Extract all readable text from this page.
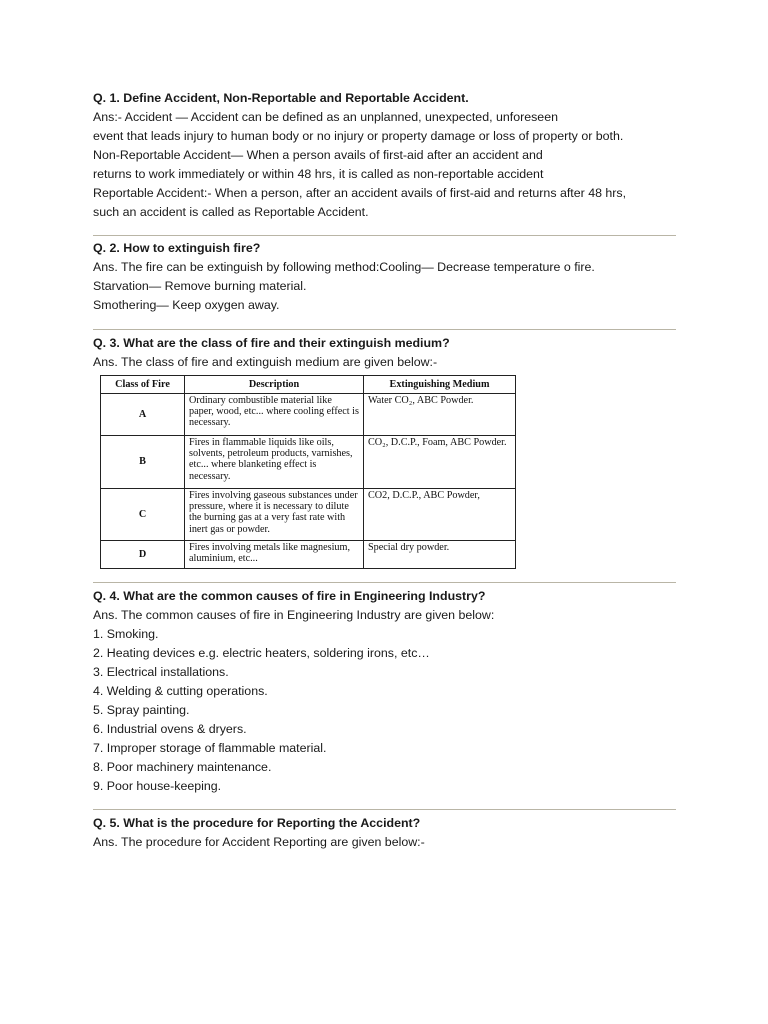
Q. 1. Define Accident, Non-Reportable and Reportable Accident.
Ans:- Accident — Accident can be defined as an unplanned, unexpected, unforeseen
event that leads injury to human body or no injury or property damage or loss of property or both.
Non-Reportable Accident— When a person avails of first-aid after an accident and
returns to work immediately or within 48 hrs, it is called as non-reportable accident
Reportable Accident:- When a person, after an accident avails of first-aid and returns after 48 hrs,
such an accident is called as Reportable Accident.
Q. 2. How to extinguish fire?
Ans. The fire can be extinguish by following method:Cooling— Decrease temperature o fire.
Starvation— Remove burning material.
Smothering— Keep oxygen away.
Q. 3. What are the class of fire and their extinguish medium?
Ans. The class of fire and extinguish medium are given below:-
Class of Fire	Description	Extinguishing Medium
A	Ordinary combustible material like paper, wood, etc... where cooling effect is necessary.	Water CO₂, ABC Powder.
B	Fires in flammable liquids like oils, solvents, petroleum products, varnishes, etc... where blanketing effect is necessary.	CO₂, D.C.P., Foam, ABC Powder.
C	Fires involving gaseous substances under pressure, where it is necessary to dilute the burning gas at a very fast rate with inert gas or powder.	CO2, D.C.P., ABC Powder,
D	Fires involving metals like magnesium, aluminium, etc...	Special dry powder.
Q. 4. What are the common causes of fire in Engineering Industry?
Ans. The common causes of fire in Engineering Industry are given below:
1. Smoking.
2. Heating devices e.g. electric heaters, soldering irons, etc…
3. Electrical installations.
4. Welding & cutting operations.
5. Spray painting.
6. Industrial ovens & dryers.
7. Improper storage of flammable material.
8. Poor machinery maintenance.
9. Poor house-keeping.
Q. 5. What is the procedure for Reporting the Accident?
Ans. The procedure for Accident Reporting are given below:-
